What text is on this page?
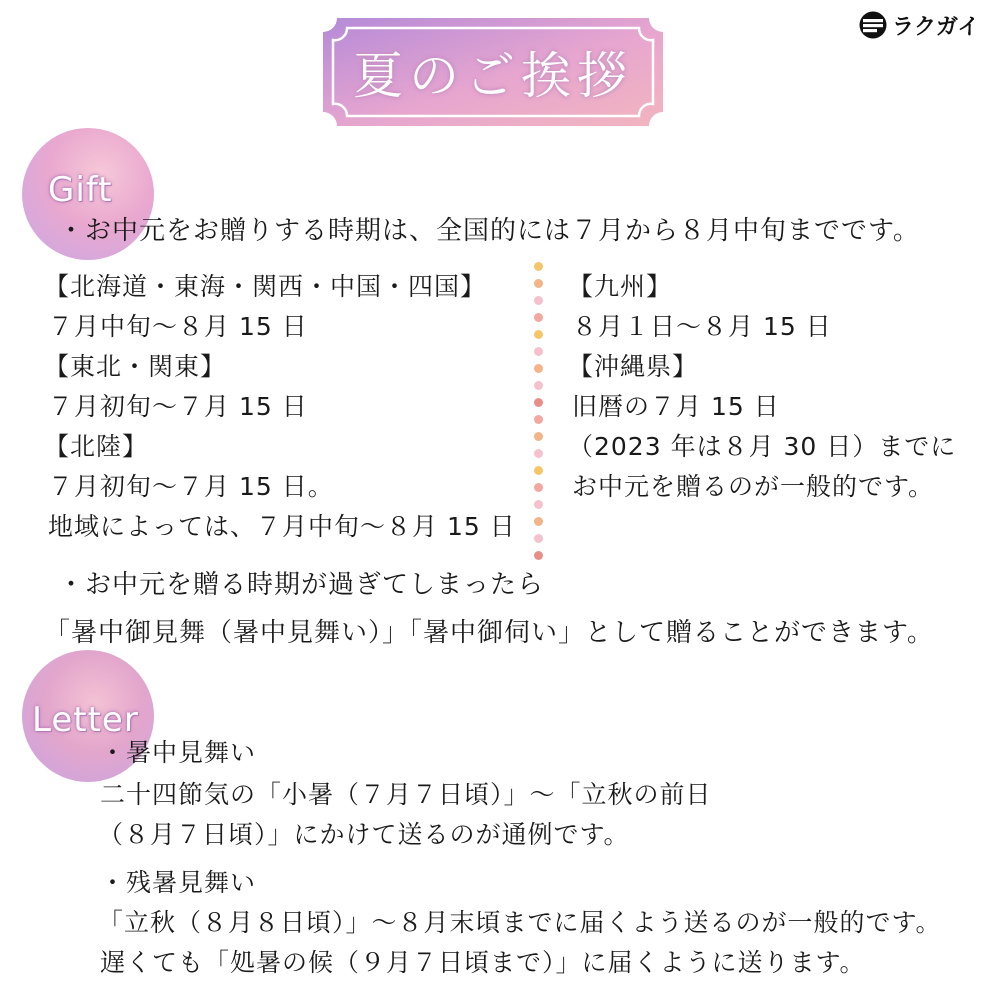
夏のご挨拶
ラクガイ
Gift
・お中元をお贈りする時期は、全国的には７月から８月中旬までです。
【北海道・東海・関西・中国・四国】
７月中旬～８月 15 日
【東北・関東】
７月初旬～７月 15 日
【北陸】
７月初旬～７月 15 日。
地域によっては、７月中旬～８月 15 日
【九州】
８月１日～８月 15 日
【沖縄県】
旧暦の７月 15 日
（2023 年は８月 30 日）までに
お中元を贈るのが一般的です。
・お中元を贈る時期が過ぎてしまったら
「暑中御見舞（暑中見舞い）」「暑中御伺い」として贈ることができます。
Letter
・暑中見舞い
二十四節気の「小暑（７月７日頃）」～「立秋の前日
（８月７日頃）」にかけて送るのが通例です。
・残暑見舞い
「立秋（８月８日頃）」～８月末頃までに届くよう送るのが一般的です。
遅くても「処暑の候（９月７日頃まで）」に届くように送ります。
